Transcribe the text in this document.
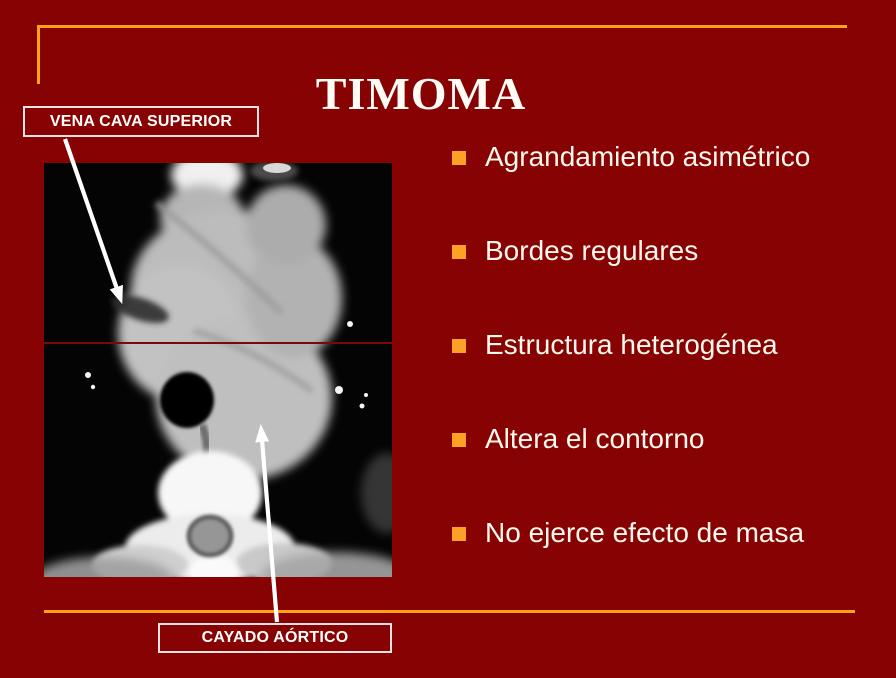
TIMOMA
VENA CAVA SUPERIOR
CAYADO AÓRTICO
Agrandamiento asimétrico
Bordes regulares
Estructura heterogénea
Altera el contorno
No ejerce efecto de masa
